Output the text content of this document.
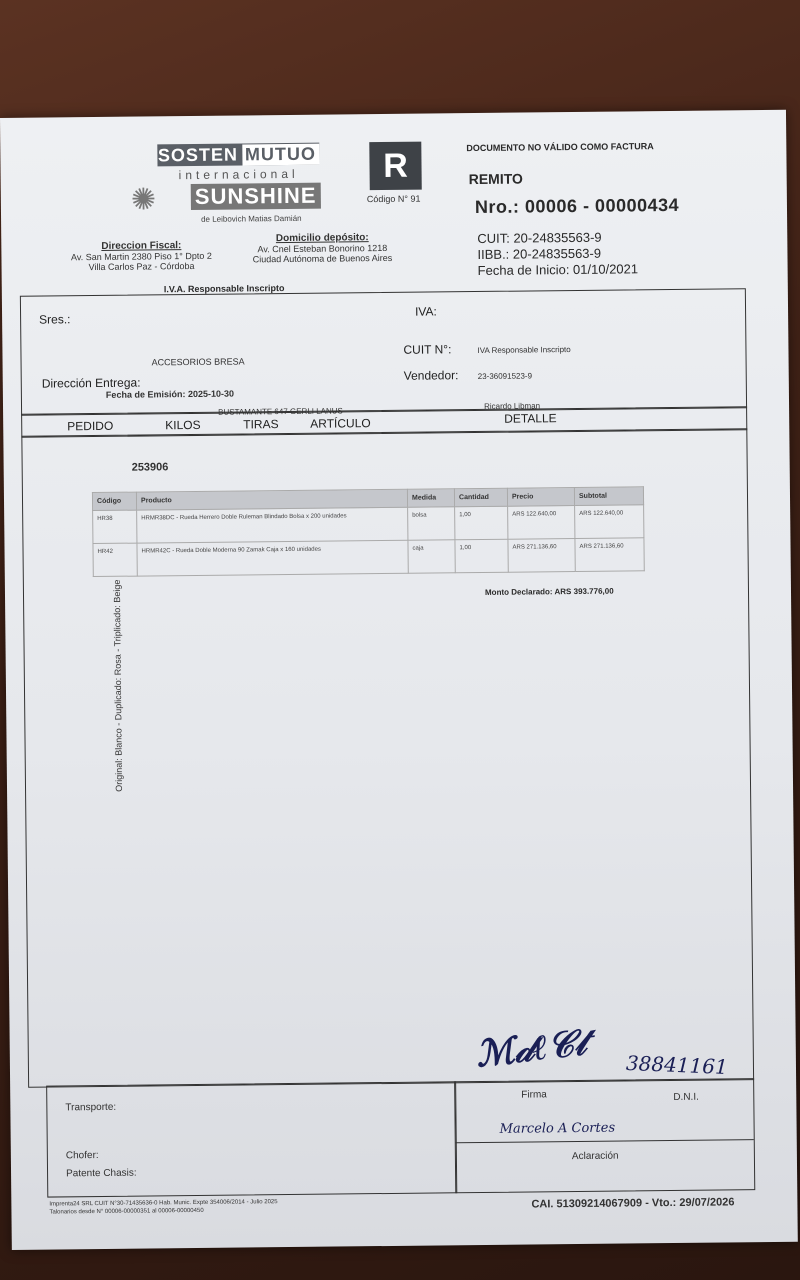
SOSTEN MUTUO
internacional
✺ SUNSHINE
de Leibovich Matias Damián
R
Código N° 91
DOCUMENTO NO VÁLIDO COMO FACTURA
REMITO
Nro.: 00006 - 00000434
CUIT: 20-24835563-9
IIBB.: 20-24835563-9
Fecha de Inicio: 01/10/2021
Direccion Fiscal:
Av. San Martin 2380 Piso 1° Dpto 2
Villa Carlos Paz - Córdoba
Domicilio depósito:
Av. Cnel Esteban Bonorino 1218
Ciudad Autónoma de Buenos Aires
I.V.A. Responsable Inscripto
Sres.:
IVA:
ACCESORIOS BRESA
CUIT N°:	IVA Responsable Inscripto
Dirección Entrega:
Fecha de Emisión: 2025-10-30
Vendedor: 23-36091523-9
BUSTAMANTE 647 GERLI LANUS
Ricardo Libman
PEDIDO	KILOS	TIRAS	ARTÍCULO	DETALLE
253906
Código	Producto	Medida	Cantidad	Precio	Subtotal
HR38	HRMR38DC - Rueda Herrero Doble Ruleman Blindado Bolsa x 200 unidades	bolsa	1,00	ARS 122.640,00	ARS 122.640,00
HR42	HRMR42C - Rueda Doble Moderna 90 Zamak Caja x 160 unidades	caja	1,00	ARS 271.136,60	ARS 271.136,60
Monto Declarado: ARS 393.776,00
Original: Blanco - Duplicado: Rosa - Triplicado: Beige
Transporte:
Chofer:
Patente Chasis:
Firma	D.N.I.
Aclaración
Marcelo A Cortes
ℳ𝒹ℓ𝒞𝓉 38841161
Imprenta24 SRL CUIT N°30-71435636-0 Hab. Munic. Expte 354006/2014 - Julio 2025
Talonarios desde N° 00006-00000351 al 00006-00000450
CAI. 51309214067909 - Vto.: 29/07/2026
